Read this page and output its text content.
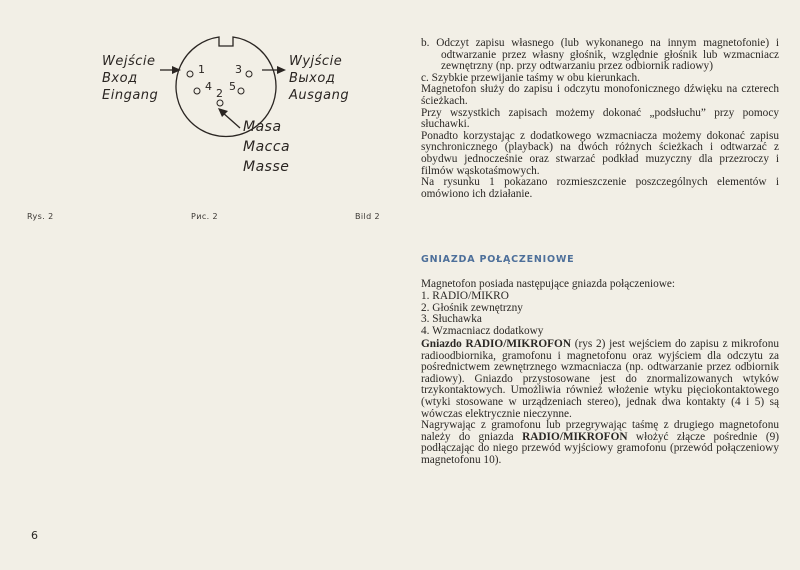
1	3
4 5
2
Wejście
Вход
Eingang
Wyjście
Выход
Ausgang
Masa
Масса
Masse
Rys. 2	Рис. 2	Bild 2
6

b. Odczyt zapisu własnego (lub wykonanego na innym magnetofonie) i odtwarzanie przez własny głośnik, względnie głośnik lub wzmacniacz zewnętrzny (np. przy odtwarzaniu przez odbiornik radiowy)

c. Szybkie przewijanie taśmy w obu kierunkach.

Magnetofon służy do zapisu i odczytu monofonicznego dźwięku na czterech ścieżkach.

Przy wszystkich zapisach możemy dokonać „podsłuchu” przy pomocy słuchawki.

Ponadto korzystając z dodatkowego wzmacniacza możemy dokonać zapisu synchronicznego (playback) na dwóch różnych ścieżkach i odtwarzać z obydwu jednocześnie oraz stwarzać podkład muzyczny dla przezroczy i filmów wąskotaśmowych.

Na rysunku 1 pokazano rozmieszczenie poszczególnych elementów i omówiono ich działanie.

GNIAZDA POŁĄCZENIOWE
Magnetofon posiada następujące gniazda połączeniowe:
1. RADIO/MIKRO
2. Głośnik zewnętrzny
3. Słuchawka
4. Wzmacniacz dodatkowy

Gniazdo RADIO/MIKROFON (rys 2) jest wejściem do zapisu z mikrofonu radioodbiornika, gramofonu i magnetofonu oraz wyjściem dla odczytu za pośrednictwem zewnętrznego wzmacniacza (np. odtwarzanie przez odbiornik radiowy). Gniazdo przystosowane jest do znormalizowanych wtyków trzykontaktowych. Umożliwia również włożenie wtyku pięciokontaktowego (wtyki stosowane w urządzeniach stereo), jednak dwa kontakty (4 i 5) są wówczas elektrycznie nieczynne.

Nagrywając z gramofonu lub przegrywając taśmę z drugiego magnetofonu należy do gniazda RADIO/MIKROFON włożyć złącze pośrednie (9) podłączając do niego przewód wyjściowy gramofonu (przewód połączeniowy magnetofonu 10).
